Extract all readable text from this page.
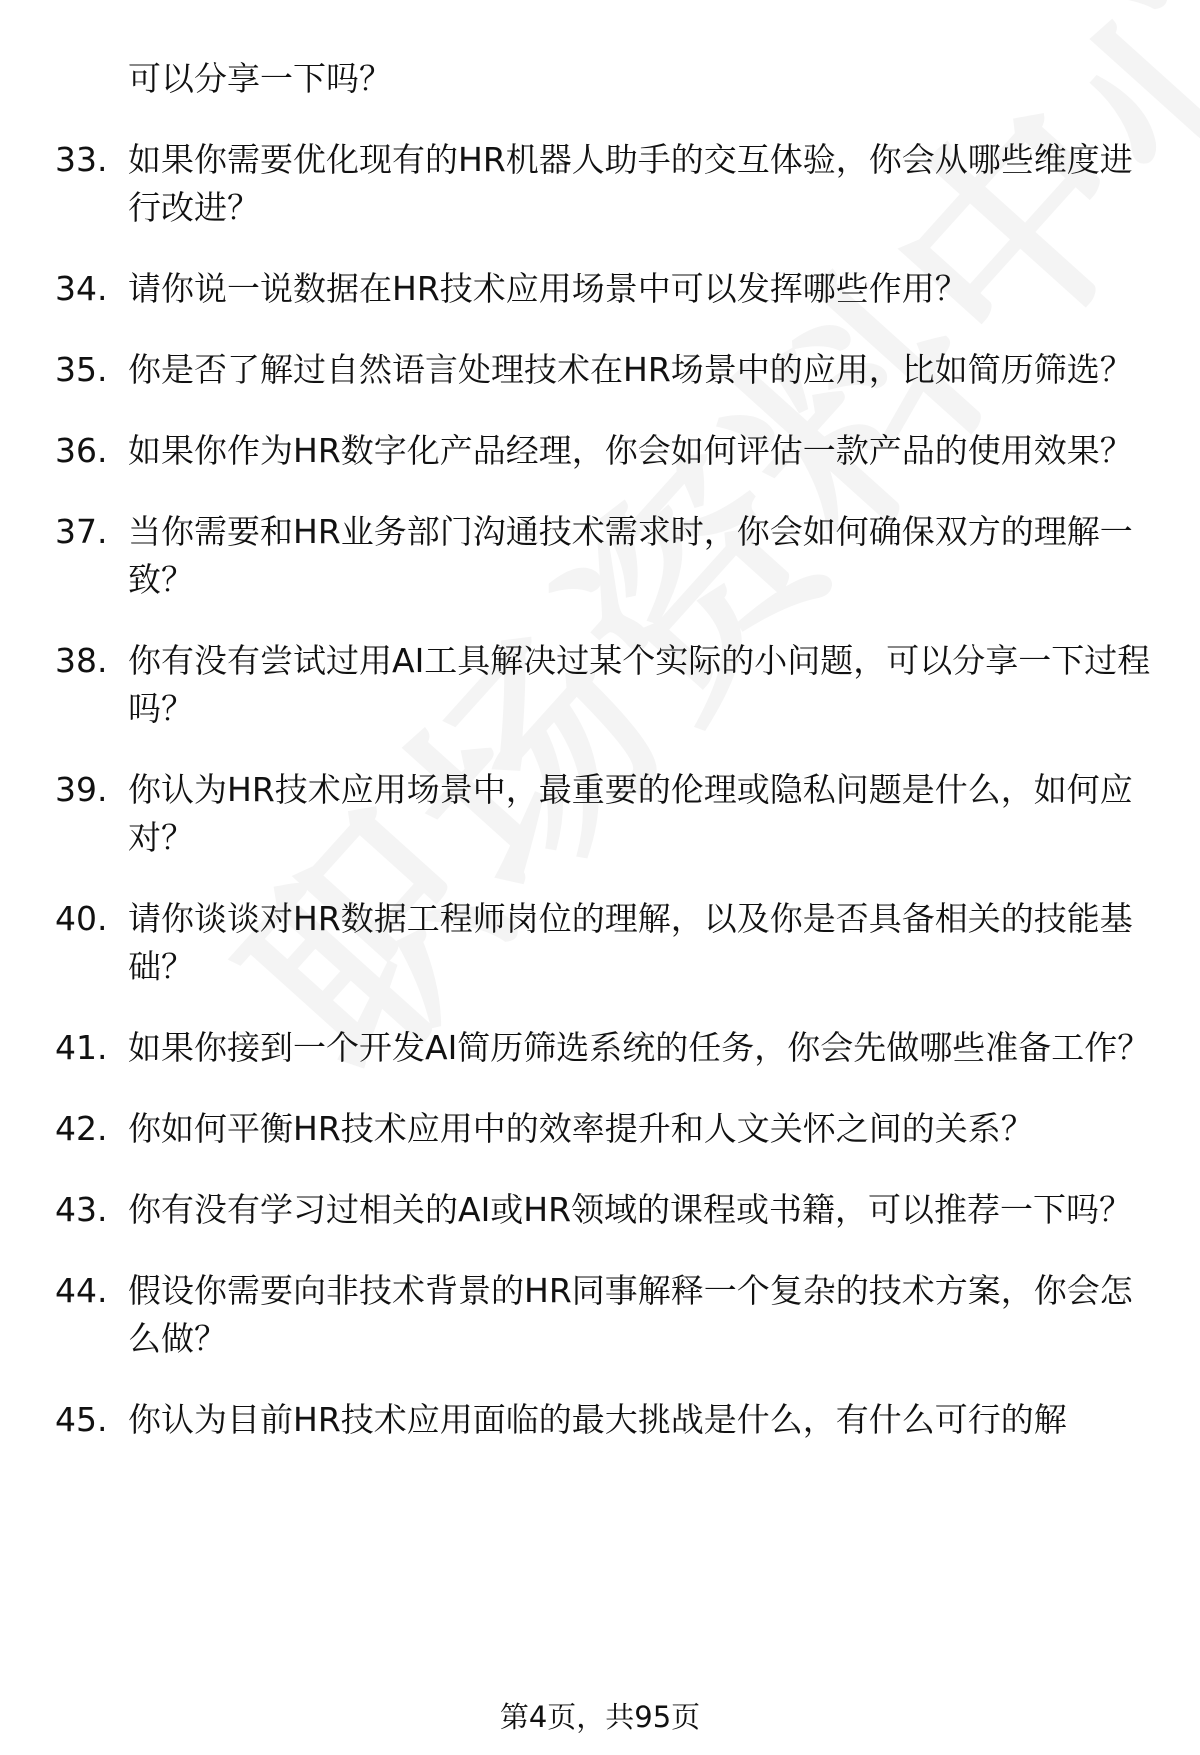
可以分享一下吗？
33. 如果你需要优化现有的HR机器人助手的交互体验，你会从哪些维度进行改进？
34. 请你说一说数据在HR技术应用场景中可以发挥哪些作用？
35. 你是否了解过自然语言处理技术在HR场景中的应用，比如简历筛选？
36. 如果你作为HR数字化产品经理，你会如何评估一款产品的使用效果？
37. 当你需要和HR业务部门沟通技术需求时，你会如何确保双方的理解一致？
38. 你有没有尝试过用AI工具解决过某个实际的小问题，可以分享一下过程吗？
39. 你认为HR技术应用场景中，最重要的伦理或隐私问题是什么，如何应对？
40. 请你谈谈对HR数据工程师岗位的理解，以及你是否具备相关的技能基础？
41. 如果你接到一个开发AI简历筛选系统的任务，你会先做哪些准备工作？
42. 你如何平衡HR技术应用中的效率提升和人文关怀之间的关系？
43. 你有没有学习过相关的AI或HR领域的课程或书籍，可以推荐一下吗？
44. 假设你需要向非技术背景的HR同事解释一个复杂的技术方案，你会怎么做？
45. 你认为目前HR技术应用面临的最大挑战是什么，有什么可行的解
第4页，共95页
